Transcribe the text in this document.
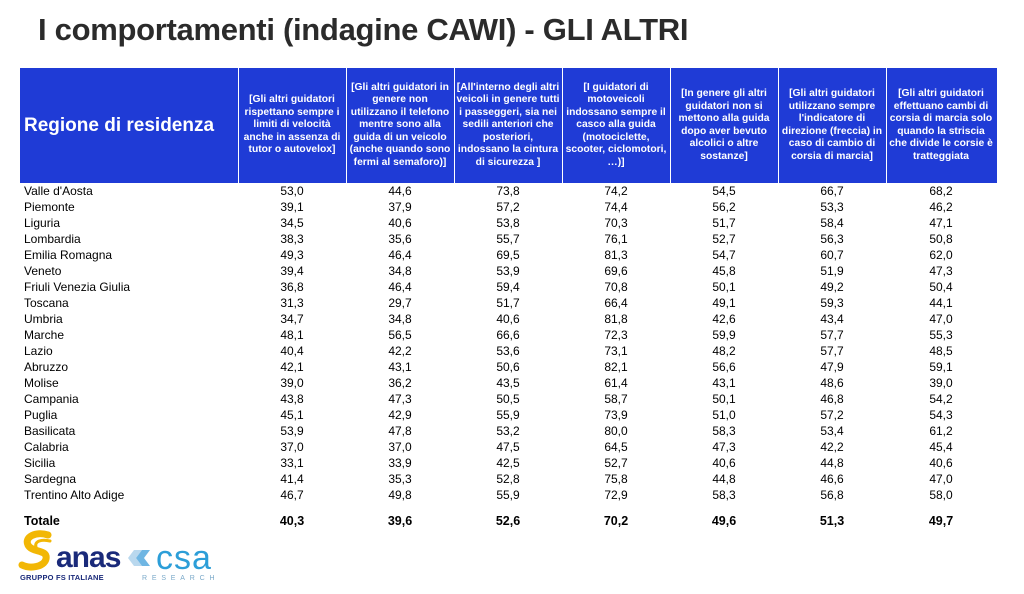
I comportamenti (indagine CAWI) - GLI ALTRI
Regione di residenza	[Gli altri guidatori rispettano sempre i limiti di velocità anche in assenza di tutor o autovelox]	[Gli altri guidatori in genere non utilizzano il telefono mentre sono alla guida di un veicolo (anche quando sono fermi al semaforo)]	[All'interno degli altri veicoli in genere tutti i passeggeri, sia nei sedili anteriori che posteriori, indossano la cintura di sicurezza ]	[I guidatori di motoveicoli indossano sempre il casco alla guida (motociclette, scooter, ciclomotori, …)]	[In genere gli altri guidatori non si mettono alla guida dopo aver bevuto alcolici o altre sostanze]	[Gli altri guidatori utilizzano sempre l'indicatore di direzione (freccia) in caso di cambio di corsia di marcia]	[Gli altri guidatori effettuano cambi di corsia di marcia solo quando la striscia che divide le corsie è tratteggiata
Valle d'Aosta	53,0	44,6	73,8	74,2	54,5	66,7	68,2
Piemonte	39,1	37,9	57,2	74,4	56,2	53,3	46,2
Liguria	34,5	40,6	53,8	70,3	51,7	58,4	47,1
Lombardia	38,3	35,6	55,7	76,1	52,7	56,3	50,8
Emilia Romagna	49,3	46,4	69,5	81,3	54,7	60,7	62,0
Veneto	39,4	34,8	53,9	69,6	45,8	51,9	47,3
Friuli Venezia Giulia	36,8	46,4	59,4	70,8	50,1	49,2	50,4
Toscana	31,3	29,7	51,7	66,4	49,1	59,3	44,1
Umbria	34,7	34,8	40,6	81,8	42,6	43,4	47,0
Marche	48,1	56,5	66,6	72,3	59,9	57,7	55,3
Lazio	40,4	42,2	53,6	73,1	48,2	57,7	48,5
Abruzzo	42,1	43,1	50,6	82,1	56,6	47,9	59,1
Molise	39,0	36,2	43,5	61,4	43,1	48,6	39,0
Campania	43,8	47,3	50,5	58,7	50,1	46,8	54,2
Puglia	45,1	42,9	55,9	73,9	51,0	57,2	54,3
Basilicata	53,9	47,8	53,2	80,0	58,3	53,4	61,2
Calabria	37,0	37,0	47,5	64,5	47,3	42,2	45,4
Sicilia	33,1	33,9	42,5	52,7	40,6	44,8	40,6
Sardegna	41,4	35,3	52,8	75,8	44,8	46,6	47,0
Trentino Alto Adige	46,7	49,8	55,9	72,9	58,3	56,8	58,0

Totale	40,3	39,6	52,6	70,2	49,6	51,3	49,7
anas
GRUPPO FS ITALIANE
csa
RESEARCH
